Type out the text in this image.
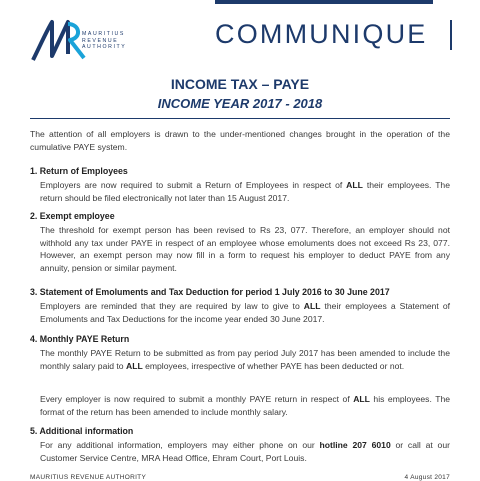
MAURITIUS
REVENUE
AUTHORITY	COMMUNIQUE
INCOME TAX – PAYE
INCOME YEAR 2017 - 2018
The attention of all employers is drawn to the under-mentioned changes brought in the operation of the cumulative PAYE system.
1. Return of Employees
Employers are now required to submit a Return of Employees in respect of ALL their employees. The return should be filed electronically not later than 15 August 2017.
2. Exempt employee
The threshold for exempt person has been revised to Rs 23, 077. Therefore, an employer should not withhold any tax under PAYE in respect of an employee whose emoluments does not exceed Rs 23, 077. However, an exempt person may now fill in a form to request his employer to deduct PAYE from any annuity, pension or similar payment.
3. Statement of Emoluments and Tax Deduction for period 1 July 2016 to 30 June 2017
Employers are reminded that they are required by law to give to ALL their employees a Statement of Emoluments and Tax Deductions for the income year ended 30 June 2017.
4. Monthly PAYE Return
The monthly PAYE Return to be submitted as from pay period July 2017 has been amended to include the monthly salary paid to ALL employees, irrespective of whether PAYE has been deducted or not.
Every employer is now required to submit a monthly PAYE return in respect of ALL his employees. The format of the return has been amended to include monthly salary.
5. Additional information
For any additional information, employers may either phone on our hotline 207 6010 or call at our Customer Service Centre, MRA Head Office, Ehram Court, Port Louis.
MAURITIUS REVENUE AUTHORITY	4 August 2017
